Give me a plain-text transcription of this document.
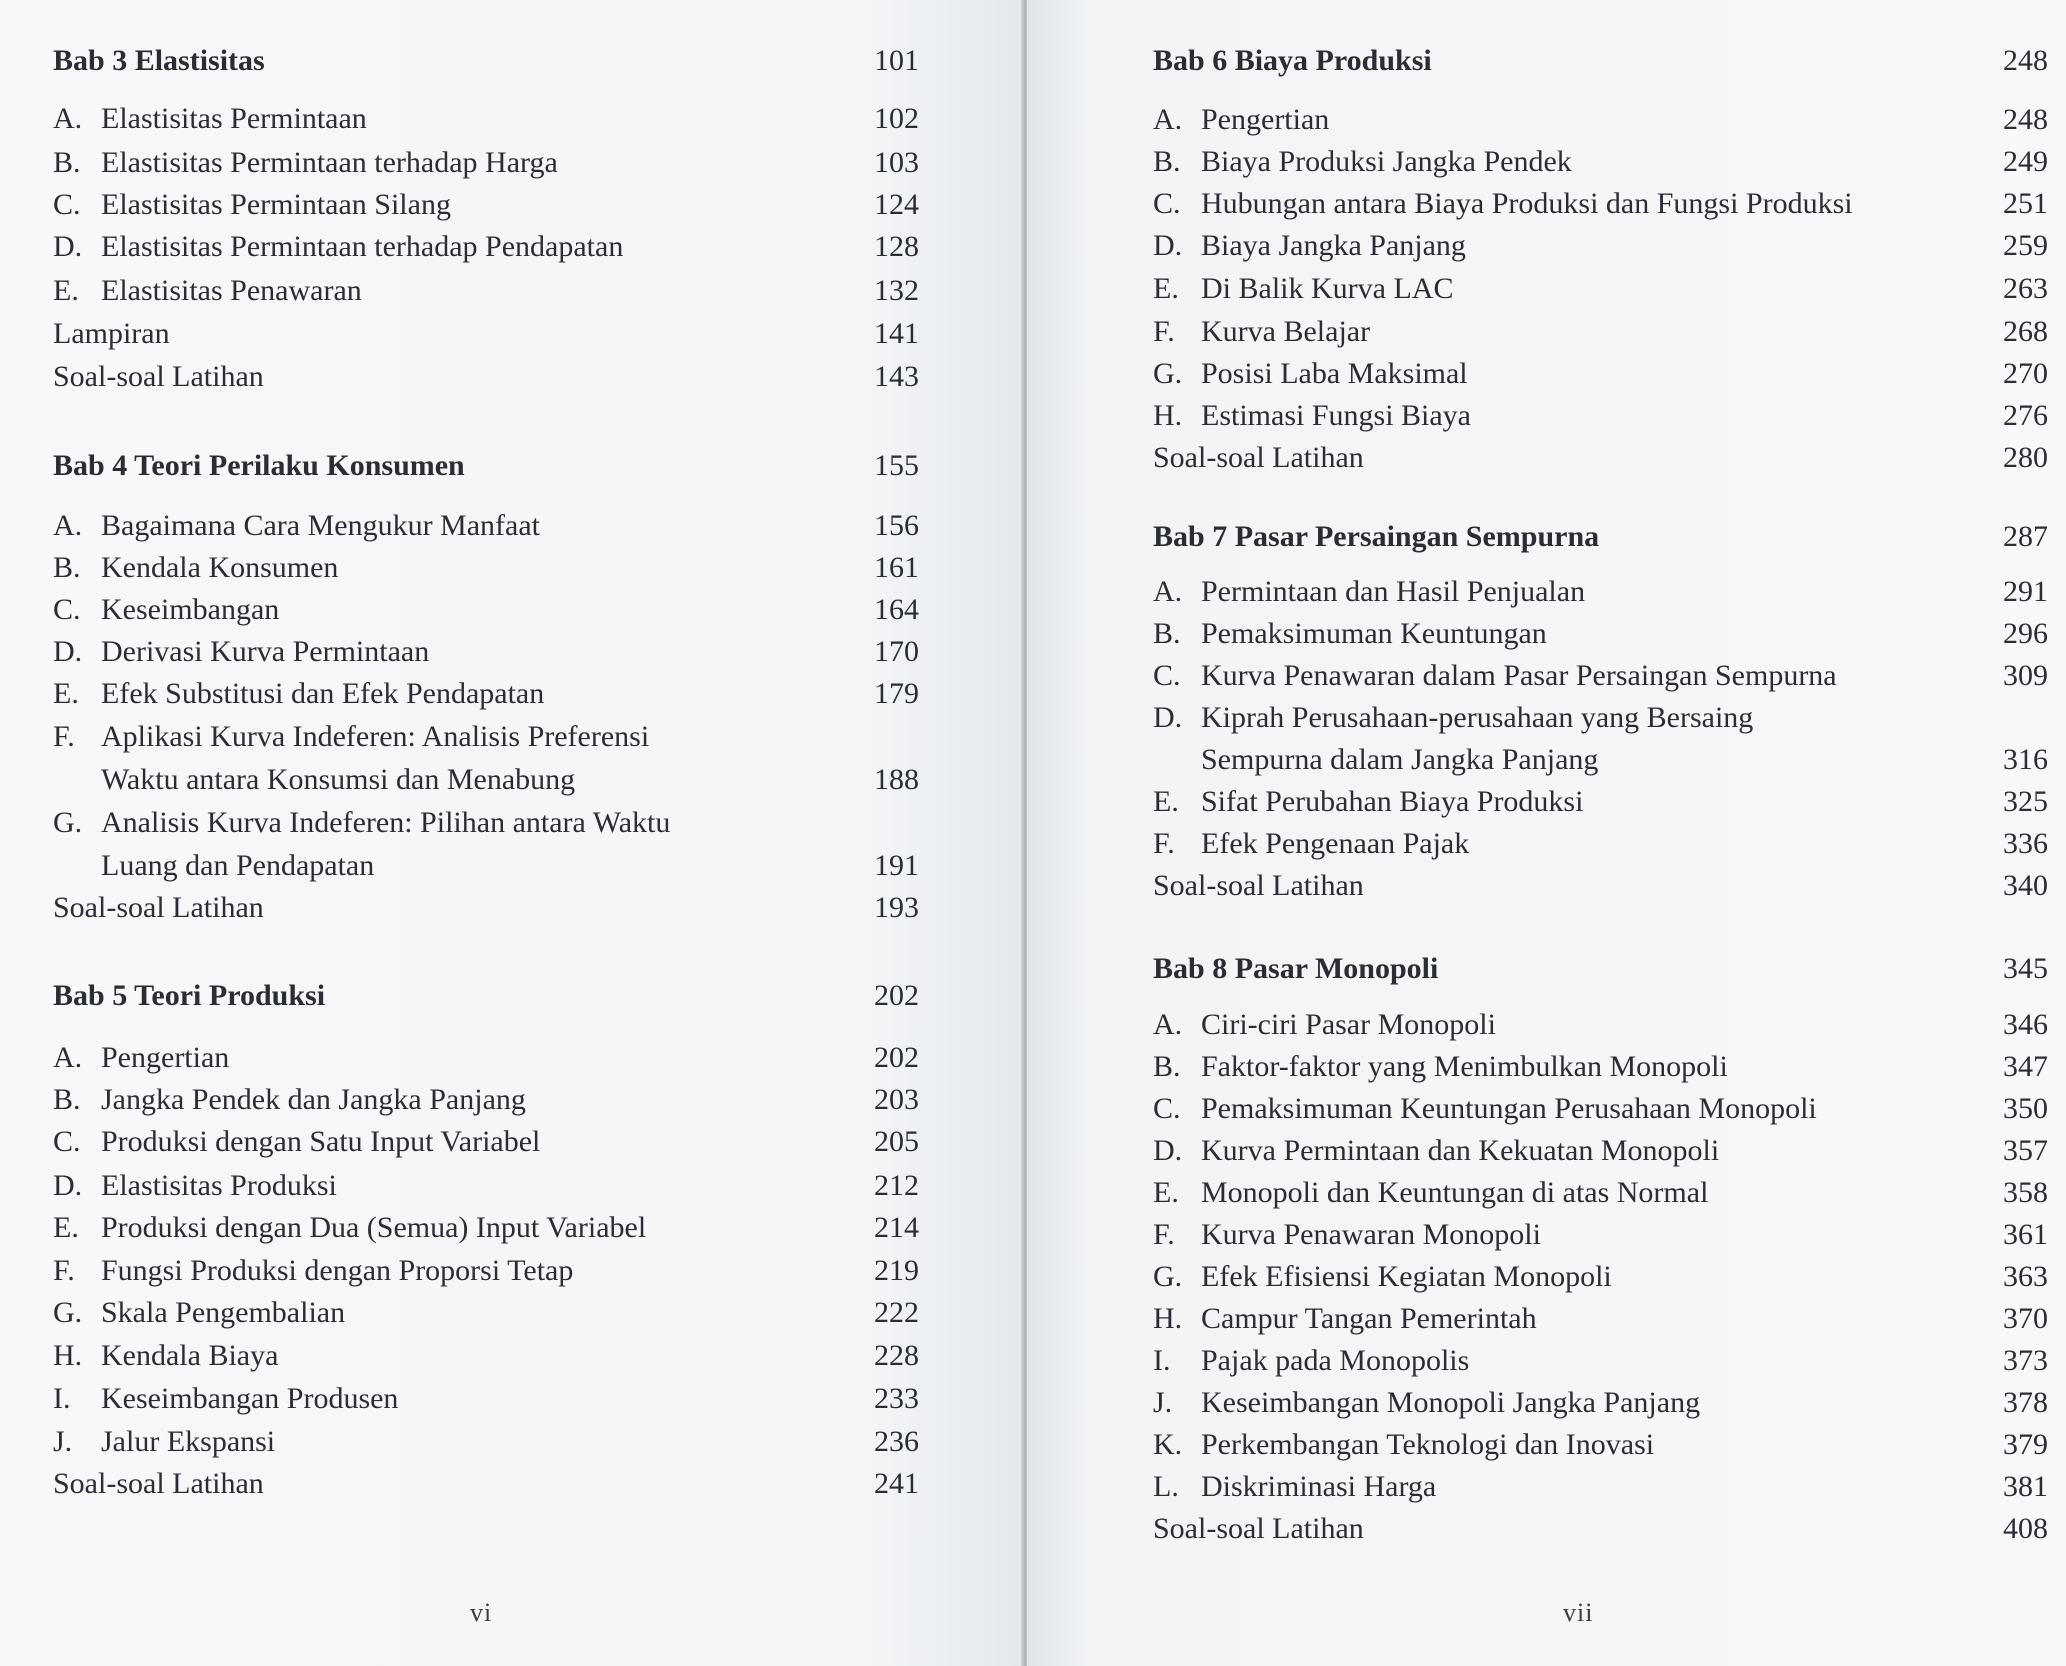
Bab 3 Elastisitas	101
A. Elastisitas Permintaan	102
B. Elastisitas Permintaan terhadap Harga	103
C. Elastisitas Permintaan Silang	124
D. Elastisitas Permintaan terhadap Pendapatan	128
E. Elastisitas Penawaran	132
Lampiran	141
Soal-soal Latihan	143
Bab 4 Teori Perilaku Konsumen	155
A. Bagaimana Cara Mengukur Manfaat	156
B. Kendala Konsumen	161
C. Keseimbangan	164
D. Derivasi Kurva Permintaan	170
E. Efek Substitusi dan Efek Pendapatan	179
F. Aplikasi Kurva Indeferen: Analisis Preferensi
Waktu antara Konsumsi dan Menabung	188
G. Analisis Kurva Indeferen: Pilihan antara Waktu
Luang dan Pendapatan	191
Soal-soal Latihan	193
Bab 5 Teori Produksi	202
A. Pengertian	202
B. Jangka Pendek dan Jangka Panjang	203
C. Produksi dengan Satu Input Variabel	205
D. Elastisitas Produksi	212
E. Produksi dengan Dua (Semua) Input Variabel	214
F. Fungsi Produksi dengan Proporsi Tetap	219
G. Skala Pengembalian	222
H. Kendala Biaya	228
I.	Keseimbangan Produsen	233
J. Jalur Ekspansi	236
Soal-soal Latihan	241
vi
Bab 6 Biaya Produksi	248
A. Pengertian	248
B. Biaya Produksi Jangka Pendek	249
C. Hubungan antara Biaya Produksi dan Fungsi Produksi	251
D. Biaya Jangka Panjang	259
E. Di Balik Kurva LAC	263
F. Kurva Belajar	268
G. Posisi Laba Maksimal	270
H. Estimasi Fungsi Biaya	276
Soal-soal Latihan	280
Bab 7 Pasar Persaingan Sempurna	287
A. Permintaan dan Hasil Penjualan	291
B. Pemaksimuman Keuntungan	296
C. Kurva Penawaran dalam Pasar Persaingan Sempurna	309
D. Kiprah Perusahaan-perusahaan yang Bersaing
Sempurna dalam Jangka Panjang	316
E. Sifat Perubahan Biaya Produksi	325
F. Efek Pengenaan Pajak	336
Soal-soal Latihan	340
Bab 8 Pasar Monopoli	345
A. Ciri-ciri Pasar Monopoli	346
B. Faktor-faktor yang Menimbulkan Monopoli	347
C. Pemaksimuman Keuntungan Perusahaan Monopoli	350
D. Kurva Permintaan dan Kekuatan Monopoli	357
E. Monopoli dan Keuntungan di atas Normal	358
F. Kurva Penawaran Monopoli	361
G. Efek Efisiensi Kegiatan Monopoli	363
H. Campur Tangan Pemerintah	370
I.	Pajak pada Monopolis	373
J. Keseimbangan Monopoli Jangka Panjang	378
K. Perkembangan Teknologi dan Inovasi	379
L. Diskriminasi Harga	381
Soal-soal Latihan	408
vii
